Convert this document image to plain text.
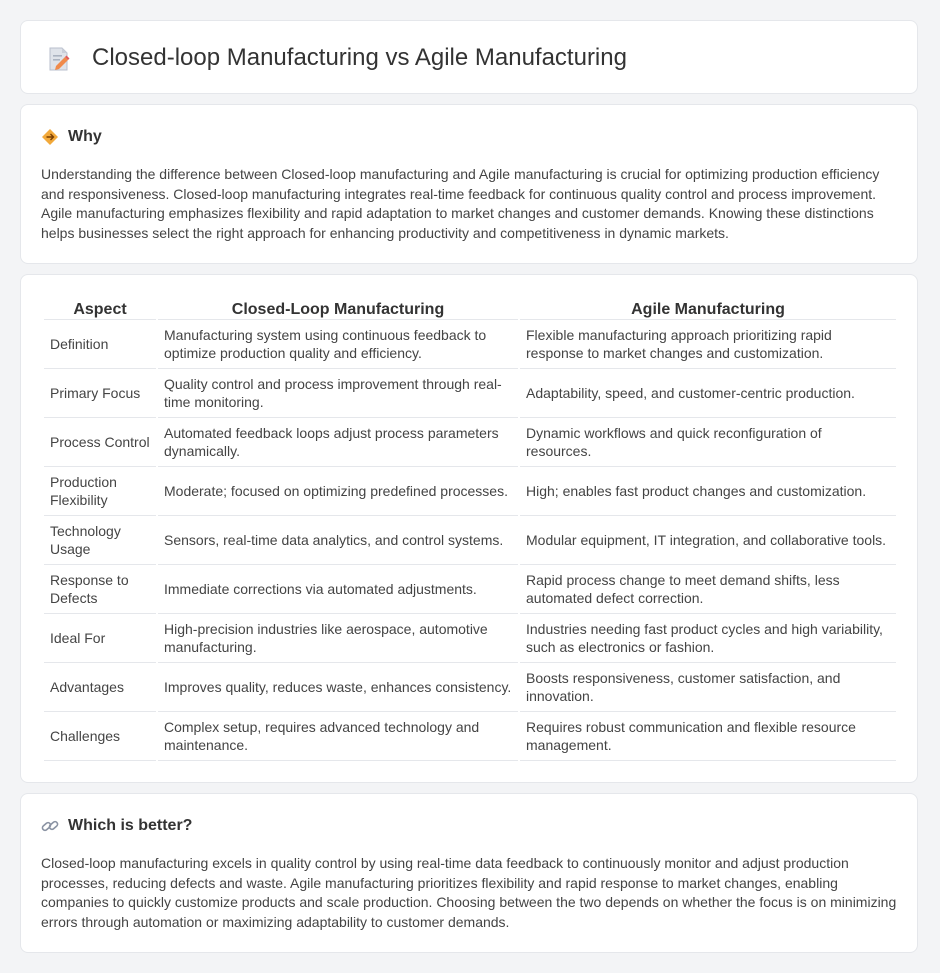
Closed-loop Manufacturing vs Agile Manufacturing
Why

Understanding the difference between Closed-loop manufacturing and Agile manufacturing is crucial for optimizing production efficiency and responsiveness. Closed-loop manufacturing integrates real-time feedback for continuous quality control and process improvement. Agile manufacturing emphasizes flexibility and rapid adaptation to market changes and customer demands. Knowing these distinctions helps businesses select the right approach for enhancing productivity and competitiveness in dynamic markets.

Aspect	Closed-Loop Manufacturing	Agile Manufacturing
Definition	Manufacturing system using continuous feedback to optimize production quality and efficiency.	Flexible manufacturing approach prioritizing rapid response to market changes and customization.
Primary Focus	Quality control and process improvement through real-time monitoring.	Adaptability, speed, and customer-centric production.
Process Control	Automated feedback loops adjust process parameters dynamically.	Dynamic workflows and quick reconfiguration of resources.
Production Flexibility	Moderate; focused on optimizing predefined processes.	High; enables fast product changes and customization.
Technology Usage	Sensors, real-time data analytics, and control systems.	Modular equipment, IT integration, and collaborative tools.
Response to Defects	Immediate corrections via automated adjustments.	Rapid process change to meet demand shifts, less automated defect correction.
Ideal For	High-precision industries like aerospace, automotive manufacturing.	Industries needing fast product cycles and high variability, such as electronics or fashion.
Advantages	Improves quality, reduces waste, enhances consistency.	Boosts responsiveness, customer satisfaction, and innovation.
Challenges	Complex setup, requires advanced technology and maintenance.	Requires robust communication and flexible resource management.
Which is better?

Closed-loop manufacturing excels in quality control by using real-time data feedback to continuously monitor and adjust production processes, reducing defects and waste. Agile manufacturing prioritizes flexibility and rapid response to market changes, enabling companies to quickly customize products and scale production. Choosing between the two depends on whether the focus is on minimizing errors through automation or maximizing adaptability to customer demands.
